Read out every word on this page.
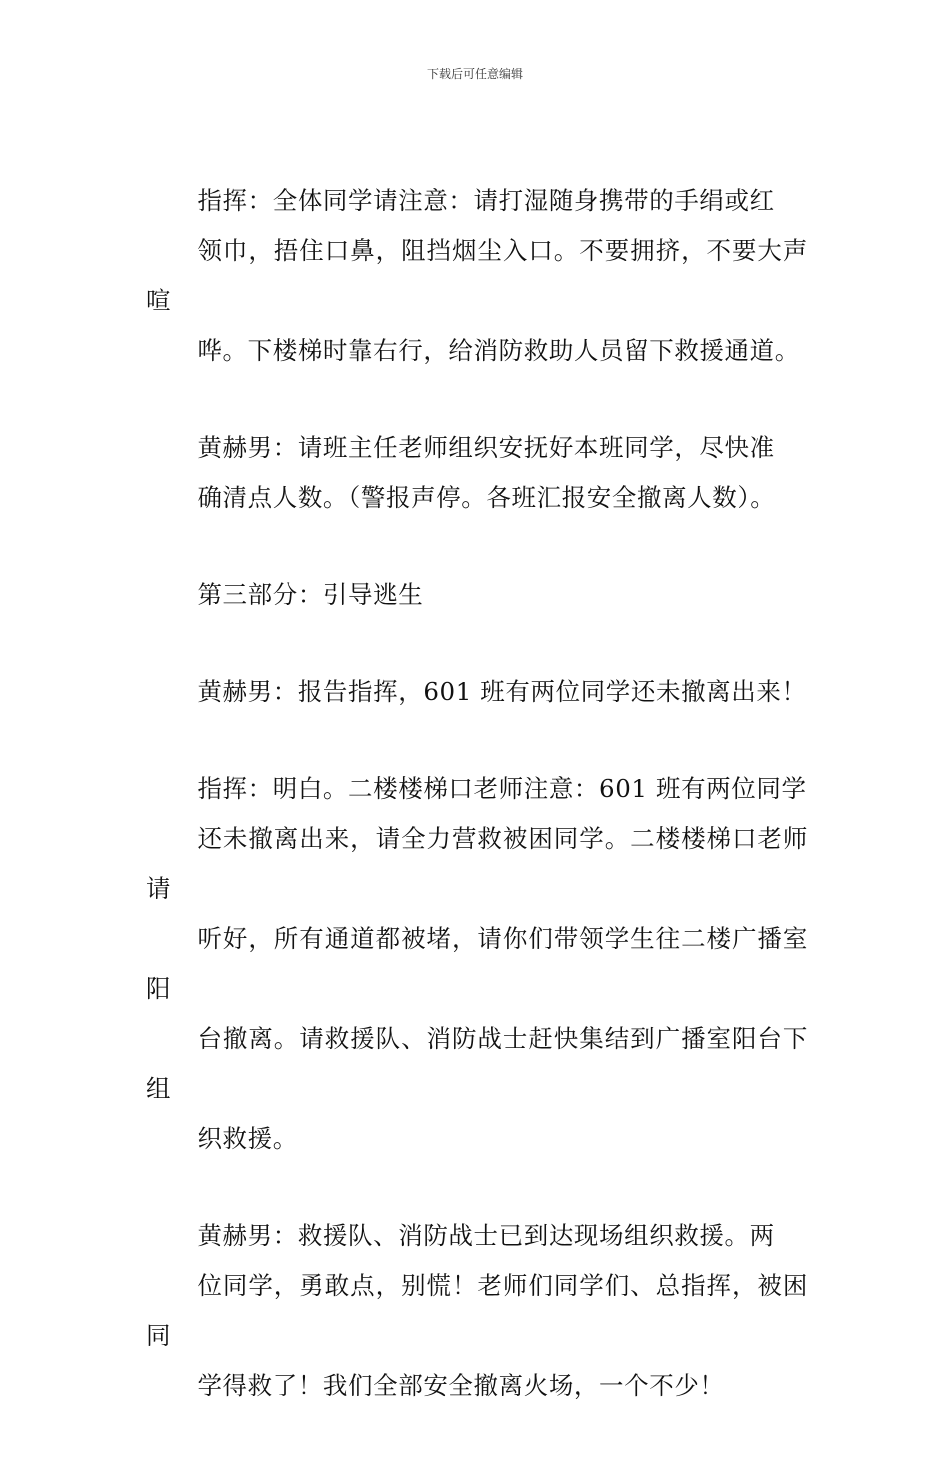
下载后可任意编辑

指挥：全体同学请注意：请打湿随身携带的手绢或红
领巾，捂住口鼻，阻挡烟尘入口。不要拥挤，不要大声喧
哗。下楼梯时靠右行，给消防救助人员留下救援通道。

黄赫男：请班主任老师组织安抚好本班同学，尽快准
确清点人数。（警报声停。各班汇报安全撤离人数）。

第三部分：引导逃生

黄赫男：报告指挥，601 班有两位同学还未撤离出来！

指挥：明白。二楼楼梯口老师注意：601 班有两位同学
还未撤离出来，请全力营救被困同学。二楼楼梯口老师请
听好，所有通道都被堵，请你们带领学生往二楼广播室阳
台撤离。请救援队、消防战士赶快集结到广播室阳台下组
织救援。

黄赫男：救援队、消防战士已到达现场组织救援。两
位同学，勇敢点，别慌！老师们同学们、总指挥，被困同
学得救了！我们全部安全撤离火场，一个不少！
